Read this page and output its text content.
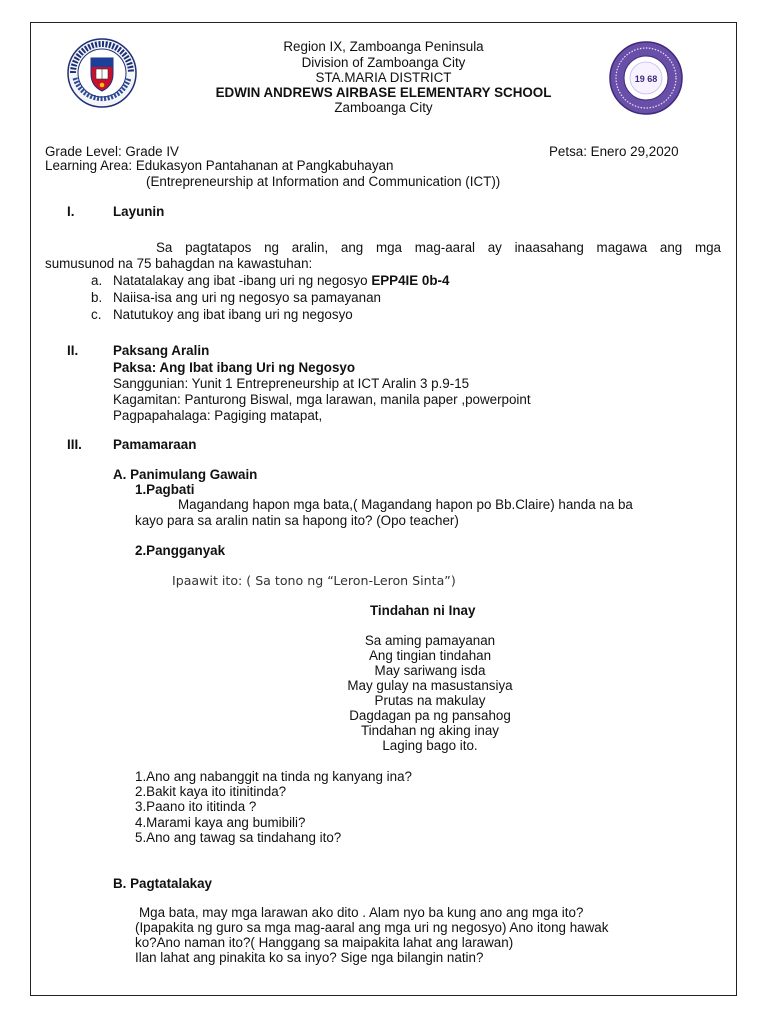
19 68
Region IX, Zamboanga Peninsula
Division of Zamboanga City
STA.MARIA DISTRICT
EDWIN ANDREWS AIRBASE ELEMENTARY SCHOOL
Zamboanga City
Grade Level: Grade IV	Petsa: Enero 29,2020
Learning Area: Edukasyon Pantahanan at Pangkabuhayan
(Entrepreneurship at Information and Communication (ICT))
I.	Layunin
Sa pagtatapos ng aralin, ang mga mag-aaral ay inaasahang magawa ang mga
sumusunod na 75 bahagdan na kawastuhan:
a. Natatalakay ang ibat -ibang uri ng negosyo EPP4IE 0b-4
b. Naiisa-isa ang uri ng negosyo sa pamayanan
c. Natutukoy ang ibat ibang uri ng negosyo
II.	Paksang Aralin
Paksa: Ang Ibat ibang Uri ng Negosyo
Sanggunian: Yunit 1 Entrepreneurship at ICT Aralin 3 p.9-15
Kagamitan: Panturong Biswal, mga larawan, manila paper ,powerpoint
Pagpapahalaga: Pagiging matapat,
III. Pamamaraan
A. Panimulang Gawain
1.Pagbati
Magandang hapon mga bata,( Magandang hapon po Bb.Claire) handa na ba
kayo para sa aralin natin sa hapong ito? (Opo teacher)
2.Pangganyak
Ipaawit ito: ( Sa tono ng “Leron-Leron Sinta”)
Tindahan ni Inay
Sa aming pamayanan
Ang tingian tindahan
May sariwang isda
May gulay na masustansiya
Prutas na makulay
Dagdagan pa ng pansahog
Tindahan ng aking inay
Laging bago ito.
1.Ano ang nabanggit na tinda ng kanyang ina?
2.Bakit kaya ito itinitinda?
3.Paano ito ititinda ?
4.Marami kaya ang bumibili?
5.Ano ang tawag sa tindahang ito?
B. Pagtatalakay
Mga bata, may mga larawan ako dito . Alam nyo ba kung ano ang mga ito?
(Ipapakita ng guro sa mga mag-aaral ang mga uri ng negosyo) Ano itong hawak
ko?Ano naman ito?( Hanggang sa maipakita lahat ang larawan)
Ilan lahat ang pinakita ko sa inyo? Sige nga bilangin natin?
